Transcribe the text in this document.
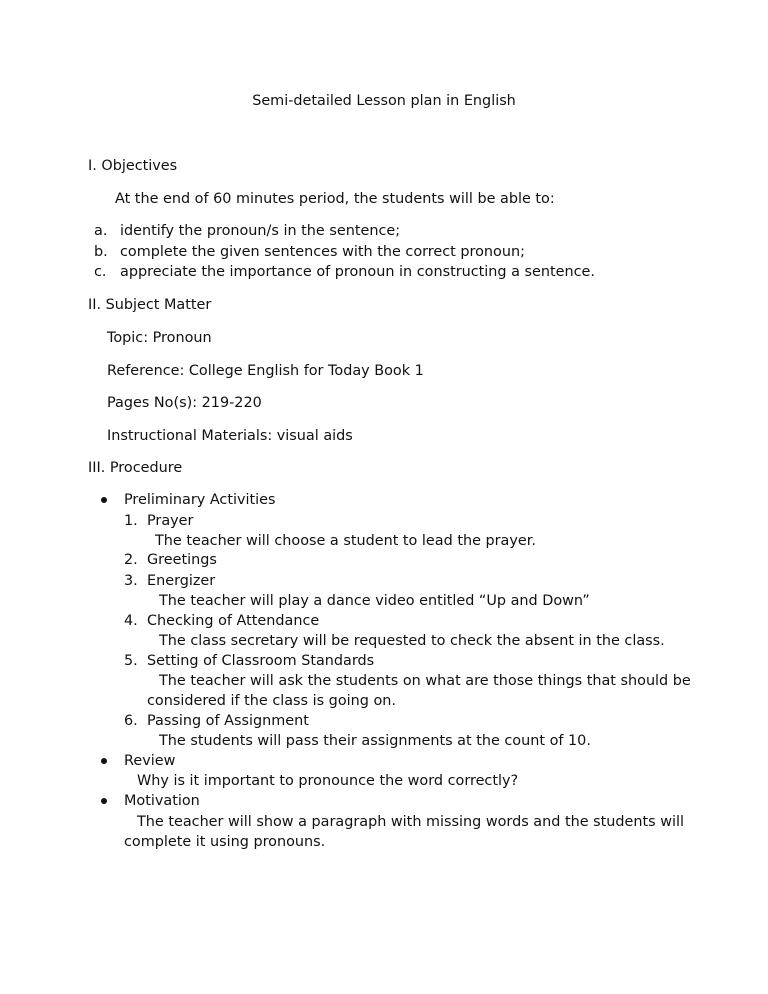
Semi-detailed Lesson plan in English
I. Objectives
At the end of 60 minutes period, the students will be able to:
a. identify the pronoun/s in the sentence;
b. complete the given sentences with the correct pronoun;
c. appreciate the importance of pronoun in constructing a sentence.
II. Subject Matter
Topic: Pronoun
Reference: College English for Today Book 1
Pages No(s): 219-220
Instructional Materials: visual aids
III. Procedure
Preliminary Activities
1. Prayer
The teacher will choose a student to lead the prayer.
2. Greetings
3. Energizer
The teacher will play a dance video entitled “Up and Down”
4. Checking of Attendance
The class secretary will be requested to check the absent in the class.
5. Setting of Classroom Standards
The teacher will ask the students on what are those things that should be
considered if the class is going on.
6. Passing of Assignment
The students will pass their assignments at the count of 10.
Review
Why is it important to pronounce the word correctly?
Motivation
The teacher will show a paragraph with missing words and the students will
complete it using pronouns.
